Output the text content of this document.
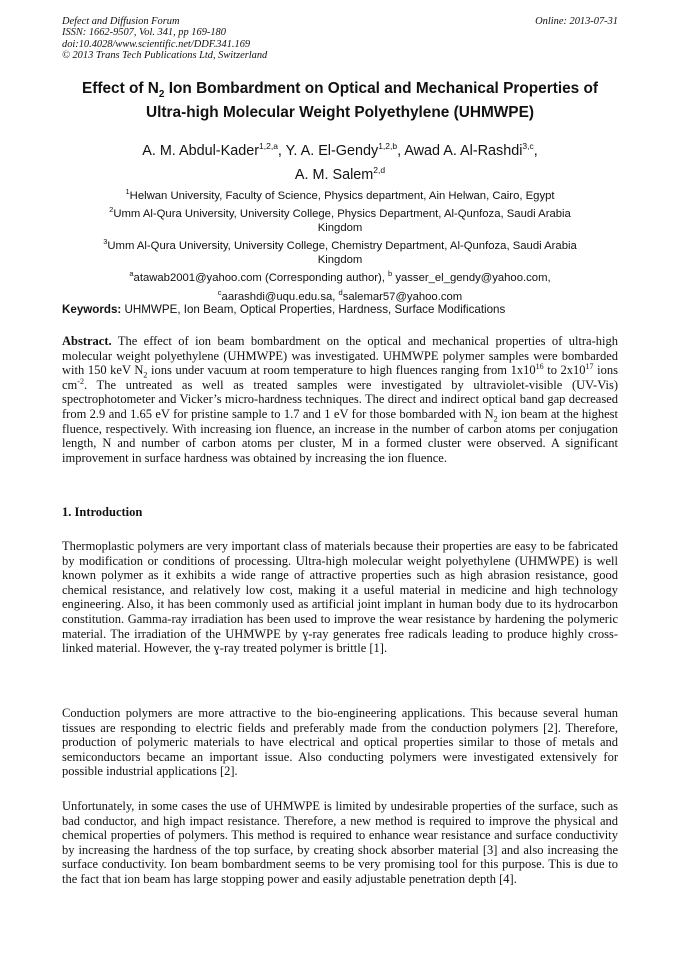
Defect and Diffusion Forum
ISSN: 1662-9507, Vol. 341, pp 169-180
doi:10.4028/www.scientific.net/DDF.341.169
© 2013 Trans Tech Publications Ltd, Switzerland
Online: 2013-07-31
Effect of $N_2$ Ion Bombardment on Optical and Mechanical Properties of
Ultra-high Molecular Weight Polyethylene (UHMWPE)
A. M. Abdul-Kader$^{1,2,a}$, Y. A. El-Gendy$^{1,2,b}$, Awad A. Al-Rashdi$^{3,c}$,
A. M. Salem$^{2,d}$
$^1$Helwan University, Faculty of Science, Physics department, Ain Helwan, Cairo, Egypt
$^2$Umm Al-Qura University, University College, Physics Department, Al-Qunfoza, Saudi Arabia
Kingdom
$^3$Umm Al-Qura University, University College, Chemistry Department, Al-Qunfoza, Saudi Arabia
Kingdom
$^a$atawab2001@yahoo.com (Corresponding author), $^b$ yasser_el_gendy@yahoo.com,
$^c$aarashdi@uqu.edu.sa, $^d$salemar57@yahoo.com
Keywords: UHMWPE, Ion Beam, Optical Properties, Hardness, Surface Modifications

Abstract. The effect of ion beam bombardment on the optical and mechanical properties of ultra-high molecular weight polyethylene (UHMWPE) was investigated. UHMWPE polymer samples were bombarded with 150 keV $N_2$ ions under vacuum at room temperature to high fluences ranging from $1x10^{16}$ to $2x10^{17}$ ions $cm^{-2}$. The untreated as well as treated samples were investigated by ultraviolet-visible (UV-Vis) spectrophotometer and Vicker’s micro-hardness techniques. The direct and indirect optical band gap decreased from 2.9 and 1.65 eV for pristine sample to 1.7 and 1 eV for those bombarded with $N_2$ ion beam at the highest fluence, respectively. With increasing ion fluence, an increase in the number of carbon atoms per conjugation length, N and number of carbon atoms per cluster, M in a formed cluster were observed. A significant improvement in surface hardness was obtained by increasing the ion fluence.

1. Introduction

Thermoplastic polymers are very important class of materials because their properties are easy to be fabricated by modification or conditions of processing. Ultra-high molecular weight polyethylene (UHMWPE) is well known polymer as it exhibits a wide range of attractive properties such as high abrasion resistance, good chemical resistance, and relatively low cost, making it a useful material in medicine and high technology engineering. Also, it has been commonly used as artificial joint implant in human body due to its hydrocarbon constitution. Gamma-ray irradiation has been used to improve the wear resistance by hardening the polymeric material. The irradiation of the UHMWPE by ɣ-ray generates free radicals leading to produce highly cross-linked material. However, the ɣ-ray treated polymer is brittle [1].

Conduction polymers are more attractive to the bio-engineering applications. This because several human tissues are responding to electric fields and preferably made from the conduction polymers [2]. Therefore, production of polymeric materials to have electrical and optical properties similar to those of metals and semiconductors became an important issue. Also conducting polymers were investigated extensively for possible industrial applications [2].

Unfortunately, in some cases the use of UHMWPE is limited by undesirable properties of the surface, such as bad conductor, and high impact resistance. Therefore, a new method is required to improve the physical and chemical properties of polymers. This method is required to enhance wear resistance and surface conductivity by increasing the hardness of the top surface, by creating shock absorber material [3] and also increasing the surface conductivity. Ion beam bombardment seems to be very promising tool for this purpose. This is due to the fact that ion beam has large stopping power and easily adjustable penetration depth [4].
